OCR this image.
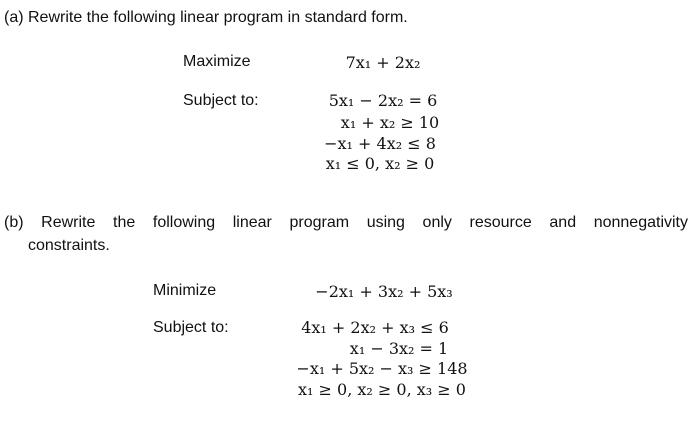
(a) Rewrite the following linear program in standard form.
Maximize	7x₁ + 2x₂
Subject to:	5x₁ − 2x₂ = 6
x₁ + x₂ ≥ 10
−x₁ + 4x₂ ≤ 8
x₁ ≤ 0, x₂ ≥ 0
(b) Rewrite the following linear program using only resource and nonnegativity
constraints.
Minimize	−2x₁ + 3x₂ + 5x₃
Subject to:	4x₁ + 2x₂ + x₃ ≤ 6
x₁ − 3x₂ = 1
−x₁ + 5x₂ − x₃ ≥ 148
x₁ ≥ 0, x₂ ≥ 0, x₃ ≥ 0
